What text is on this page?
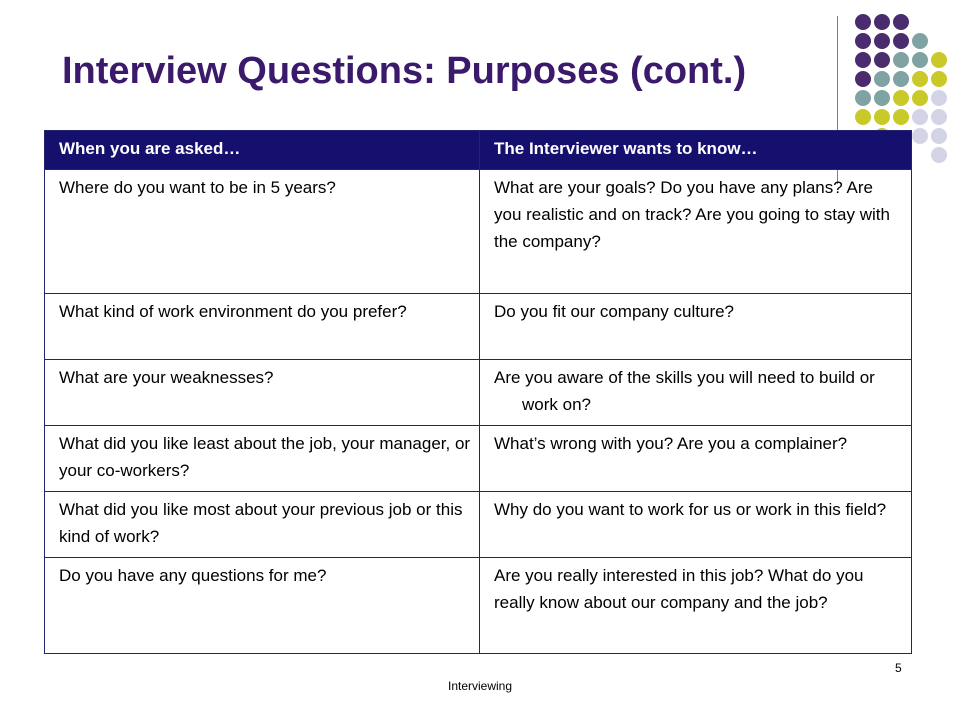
Interview Questions: Purposes (cont.)
When you are asked…	The Interviewer wants to know…
Where do you want to be in 5 years?	What are your goals? Do you have any plans? Are you realistic and on track? Are you going to stay with the company?

What kind of work environment do you prefer?	Do you fit our company culture?
What are your weaknesses?	Are you aware of the skills you will need to build or work on?

What did you like least about the job, your manager, or your co-workers?	What’s wrong with you? Are you a complainer?

What did you like most about your previous job or this kind of work?	Why do you want to work for us or work in this field?

Do you have any questions for me?	Are you really interested in this job? What do you really know about our company and the job?
5
Interviewing
